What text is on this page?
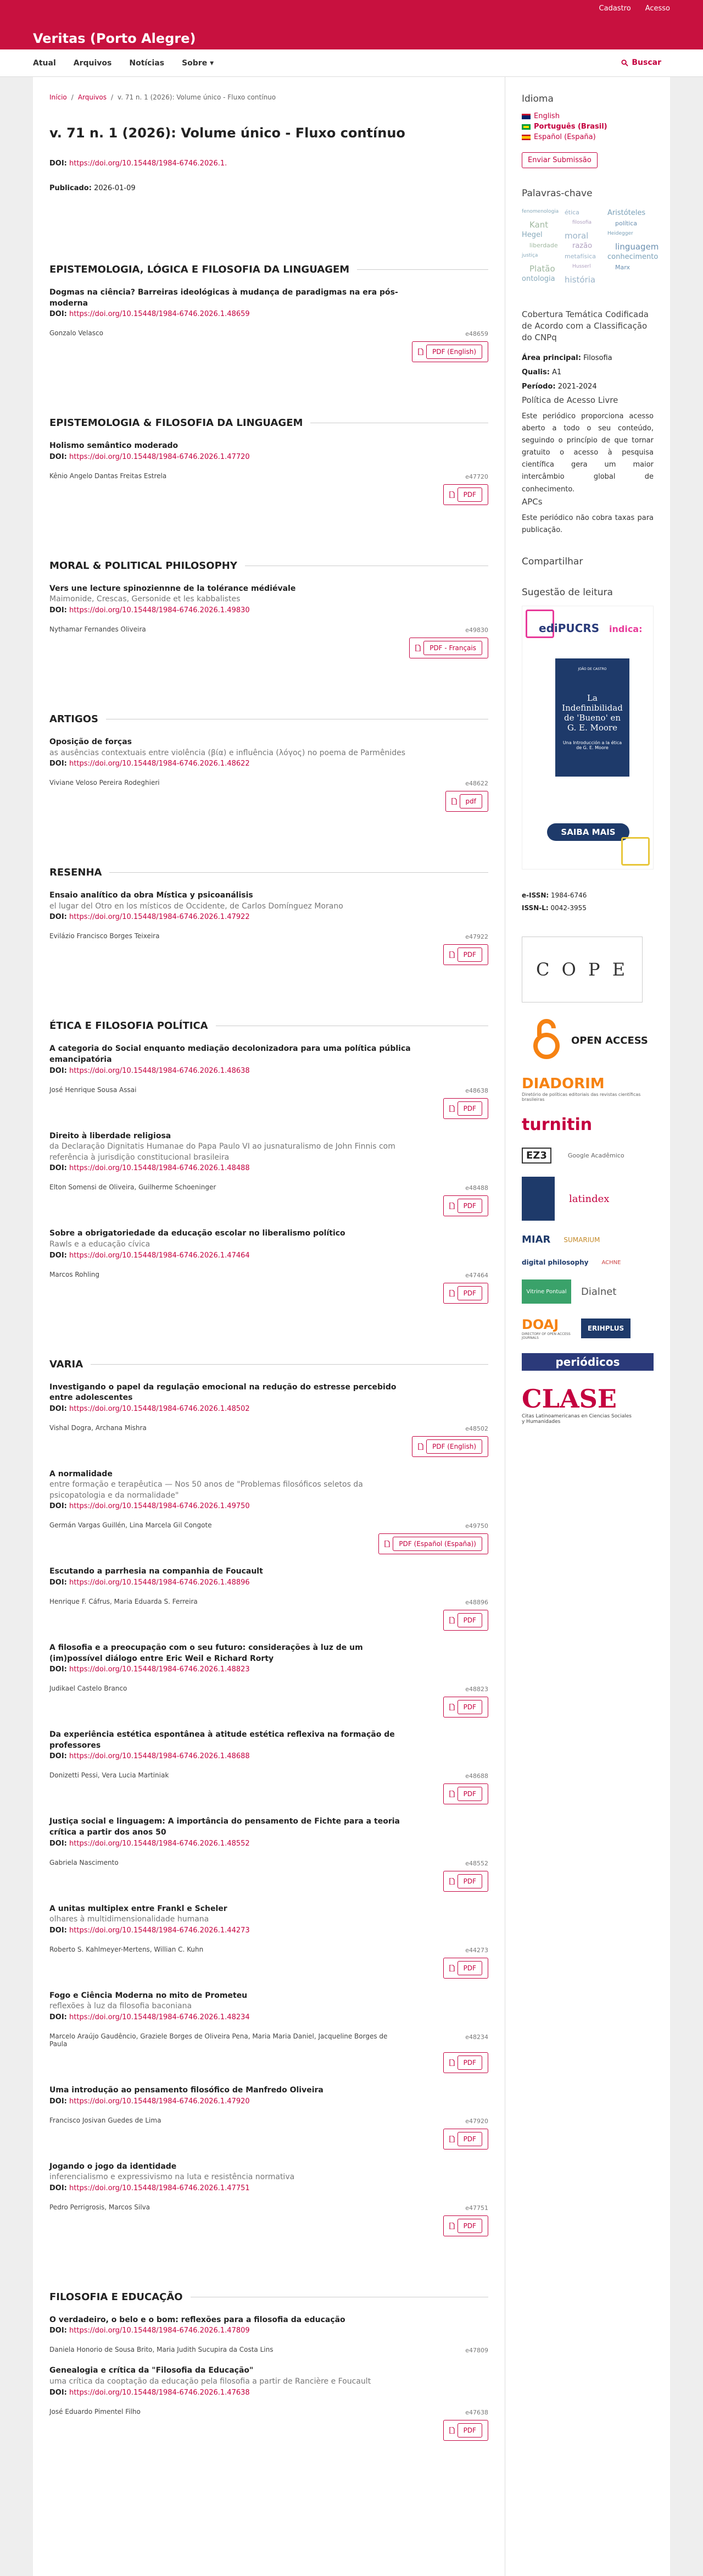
Cadastro Acesso
Veritas (Porto Alegre)
Atual Arquivos Notícias Sobre ▾	Buscar
Início / Arquivos / v. 71 n. 1 (2026): Volume único - Fluxo contínuo
v. 71 n. 1 (2026): Volume único - Fluxo contínuo
DOI: https://doi.org/10.15448/1984-6746.2026.1.
Publicado: 2026-01-09
EPISTEMOLOGIA, LÓGICA E FILOSOFIA DA LINGUAGEM
Dogmas na ciência? Barreiras ideológicas à mudança de paradigmas na era pós-moderna
DOI: https://doi.org/10.15448/1984-6746.2026.1.48659
Gonzalo Velasco	e48659
PDF (English)
EPISTEMOLOGIA & FILOSOFIA DA LINGUAGEM
Holismo semântico moderado
DOI: https://doi.org/10.15448/1984-6746.2026.1.47720
Kênio Angelo Dantas Freitas Estrela	e47720
PDF
MORAL & POLITICAL PHILOSOPHY
Vers une lecture spinoziennne de la tolérance médiévale
Maimonide, Crescas, Gersonide et les kabbalistes
DOI: https://doi.org/10.15448/1984-6746.2026.1.49830
Nythamar Fernandes Oliveira	e49830
PDF - Français
ARTIGOS
Oposição de forças
as ausências contextuais entre violência (βία) e influência (λόγος) no poema de Parmênides
DOI: https://doi.org/10.15448/1984-6746.2026.1.48622
Viviane Veloso Pereira Rodeghieri	e48622
pdf
RESENHA
Ensaio analítico da obra Mística y psicoanálisis
el lugar del Otro en los místicos de Occidente, de Carlos Domínguez Morano
DOI: https://doi.org/10.15448/1984-6746.2026.1.47922
Evilázio Francisco Borges Teixeira	e47922
PDF
ÉTICA E FILOSOFIA POLÍTICA
A categoria do Social enquanto mediação decolonizadora para uma política pública emancipatória
DOI: https://doi.org/10.15448/1984-6746.2026.1.48638
José Henrique Sousa Assai	e48638
PDF
Direito à liberdade religiosa
da Declaração Dignitatis Humanae do Papa Paulo VI ao jusnaturalismo de John Finnis com referência à jurisdição constitucional brasileira
DOI: https://doi.org/10.15448/1984-6746.2026.1.48488
Elton Somensi de Oliveira, Guilherme Schoeninger	e48488
PDF
Sobre a obrigatoriedade da educação escolar no liberalismo político
Rawls e a educação cívica
DOI: https://doi.org/10.15448/1984-6746.2026.1.47464
Marcos Rohling	e47464
PDF
VARIA
Investigando o papel da regulação emocional na redução do estresse percebido entre adolescentes
DOI: https://doi.org/10.15448/1984-6746.2026.1.48502
Vishal Dogra, Archana Mishra	e48502
PDF (English)
A normalidade
entre formação e terapêutica — Nos 50 anos de "Problemas filosóficos seletos da psicopatologia e da normalidade"
DOI: https://doi.org/10.15448/1984-6746.2026.1.49750
Germán Vargas Guillén, Lina Marcela Gil Congote	e49750
PDF (Español (España))
Escutando a parrhesia na companhia de Foucault
DOI: https://doi.org/10.15448/1984-6746.2026.1.48896
Henrique F. Cáfrus, Maria Eduarda S. Ferreira	e48896
PDF
A filosofia e a preocupação com o seu futuro: considerações à luz de um (im)possível diálogo entre Eric Weil e Richard Rorty
DOI: https://doi.org/10.15448/1984-6746.2026.1.48823
Judikael Castelo Branco	e48823
PDF
Da experiência estética espontânea à atitude estética reflexiva na formação de professores
DOI: https://doi.org/10.15448/1984-6746.2026.1.48688
Donizetti Pessi, Vera Lucia Martiniak	e48688
PDF
Justiça social e linguagem: A importância do pensamento de Fichte para a teoria crítica a partir dos anos 50
DOI: https://doi.org/10.15448/1984-6746.2026.1.48552
Gabriela Nascimento	e48552
PDF
A unitas multiplex entre Frankl e Scheler
olhares à multidimensionalidade humana
DOI: https://doi.org/10.15448/1984-6746.2026.1.44273
Roberto S. Kahlmeyer-Mertens, Willian C. Kuhn	e44273
PDF
Fogo e Ciência Moderna no mito de Prometeu
reflexões à luz da filosofia baconiana
DOI: https://doi.org/10.15448/1984-6746.2026.1.48234
Marcelo Araújo Gaudêncio, Graziele Borges de Oliveira Pena, Maria Maria Daniel, Jacqueline Borges de Paula
e48234
PDF
Uma introdução ao pensamento filosófico de Manfredo Oliveira
DOI: https://doi.org/10.15448/1984-6746.2026.1.47920
Francisco Josivan Guedes de Lima	e47920
PDF
Jogando o jogo da identidade
inferencialismo e expressivismo na luta e resistência normativa
DOI: https://doi.org/10.15448/1984-6746.2026.1.47751
Pedro Perrigrosis, Marcos Silva	e47751
PDF
FILOSOFIA E EDUCAÇÃO
O verdadeiro, o belo e o bom: reflexões para a filosofia da educação
DOI: https://doi.org/10.15448/1984-6746.2026.1.47809
Daniela Honorio de Sousa Brito, Maria Judith Sucupira da Costa Lins	e47809
Genealogia e crítica da "Filosofia da Educação"
uma crítica da cooptação da educação pela filosofia a partir de Rancière e Foucault
DOI: https://doi.org/10.15448/1984-6746.2026.1.47638
José Eduardo Pimentel Filho	e47638
PDF
Idioma
English
Português (Brasil)
Español (España)
Enviar Submissão
Palavras-chave
fenomenologia ética	Aristóteles
Kant	filosofia	política
Hegel	moral	Heidegger
liberdade razão	linguagem
justiça	metafísica conhecimento
Platão	Husserl	Marx
ontologia história
Cobertura Temática Codificada de Acordo com a Classificação do CNPq
Área principal: Filosofia
Qualis: A1
Período: 2021-2024
Política de Acesso Livre
Este periódico proporciona acesso aberto a todo o seu conteúdo, seguindo o princípio de que tornar gratuito o acesso à pesquisa científica gera um maior intercâmbio global de conhecimento.
APCs
Este periódico não cobra taxas para publicação.
Compartilhar
Sugestão de leitura
ediPUCRS indica:
JOÃO DE CASTRO
La Indefinibilidad de 'Bueno' en G. E. Moore
Una Introducción a la ética de G. E. Moore
SAIBA MAIS
e-ISSN: 1984-6746
ISSN-L: 0042-3955
C O P E
OPEN ACCESS
DIADORIM
Diretório de políticas editoriais das revistas científicas brasileiras
turnitin
EZ3	Google Acadêmico
latindex
MIAR SUMARIUM
digital philosophy ACHNE
Vitrine Pontual	Dialnet
DOAJ
DIRECTORY OF OPEN ACCESS JOURNALS
ERIHPLUS
periódicos
CLASE
Citas Latinoamericanas en Ciencias Sociales y Humanidades
